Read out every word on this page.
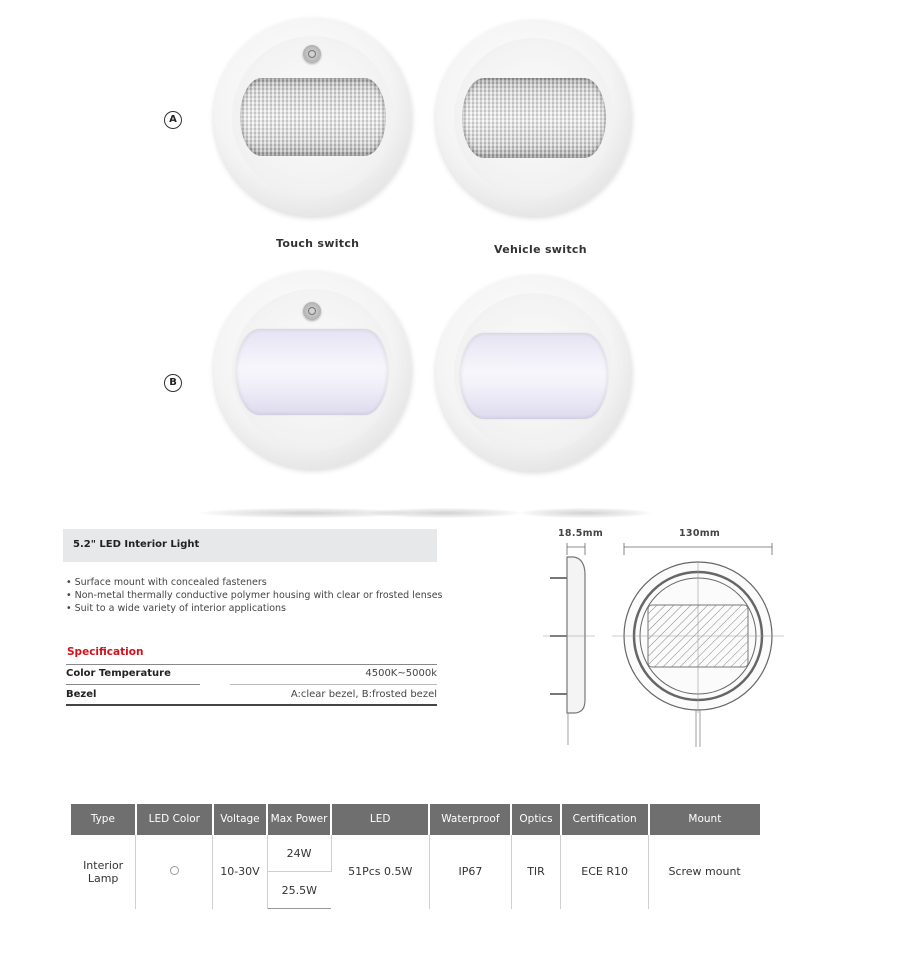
A
Touch switch	Vehicle switch
B
5.2" LED Interior Light
• Surface mount with concealed fasteners
• Non-metal thermally conductive polymer housing with clear or frosted lenses
• Suit to a wide variety of interior applications
Specification
Color Temperature	4500K~5000k
Bezel	A:clear bezel, B:frosted bezel
18.5mm	130mm
Type	LED Color	Voltage	Max Power	LED	Waterproof	Optics	Certification	Mount
Interior Lamp		10-30V	24W	51Pcs 0.5W	IP67	TIR	ECE R10	Screw mount
			25.5W					
